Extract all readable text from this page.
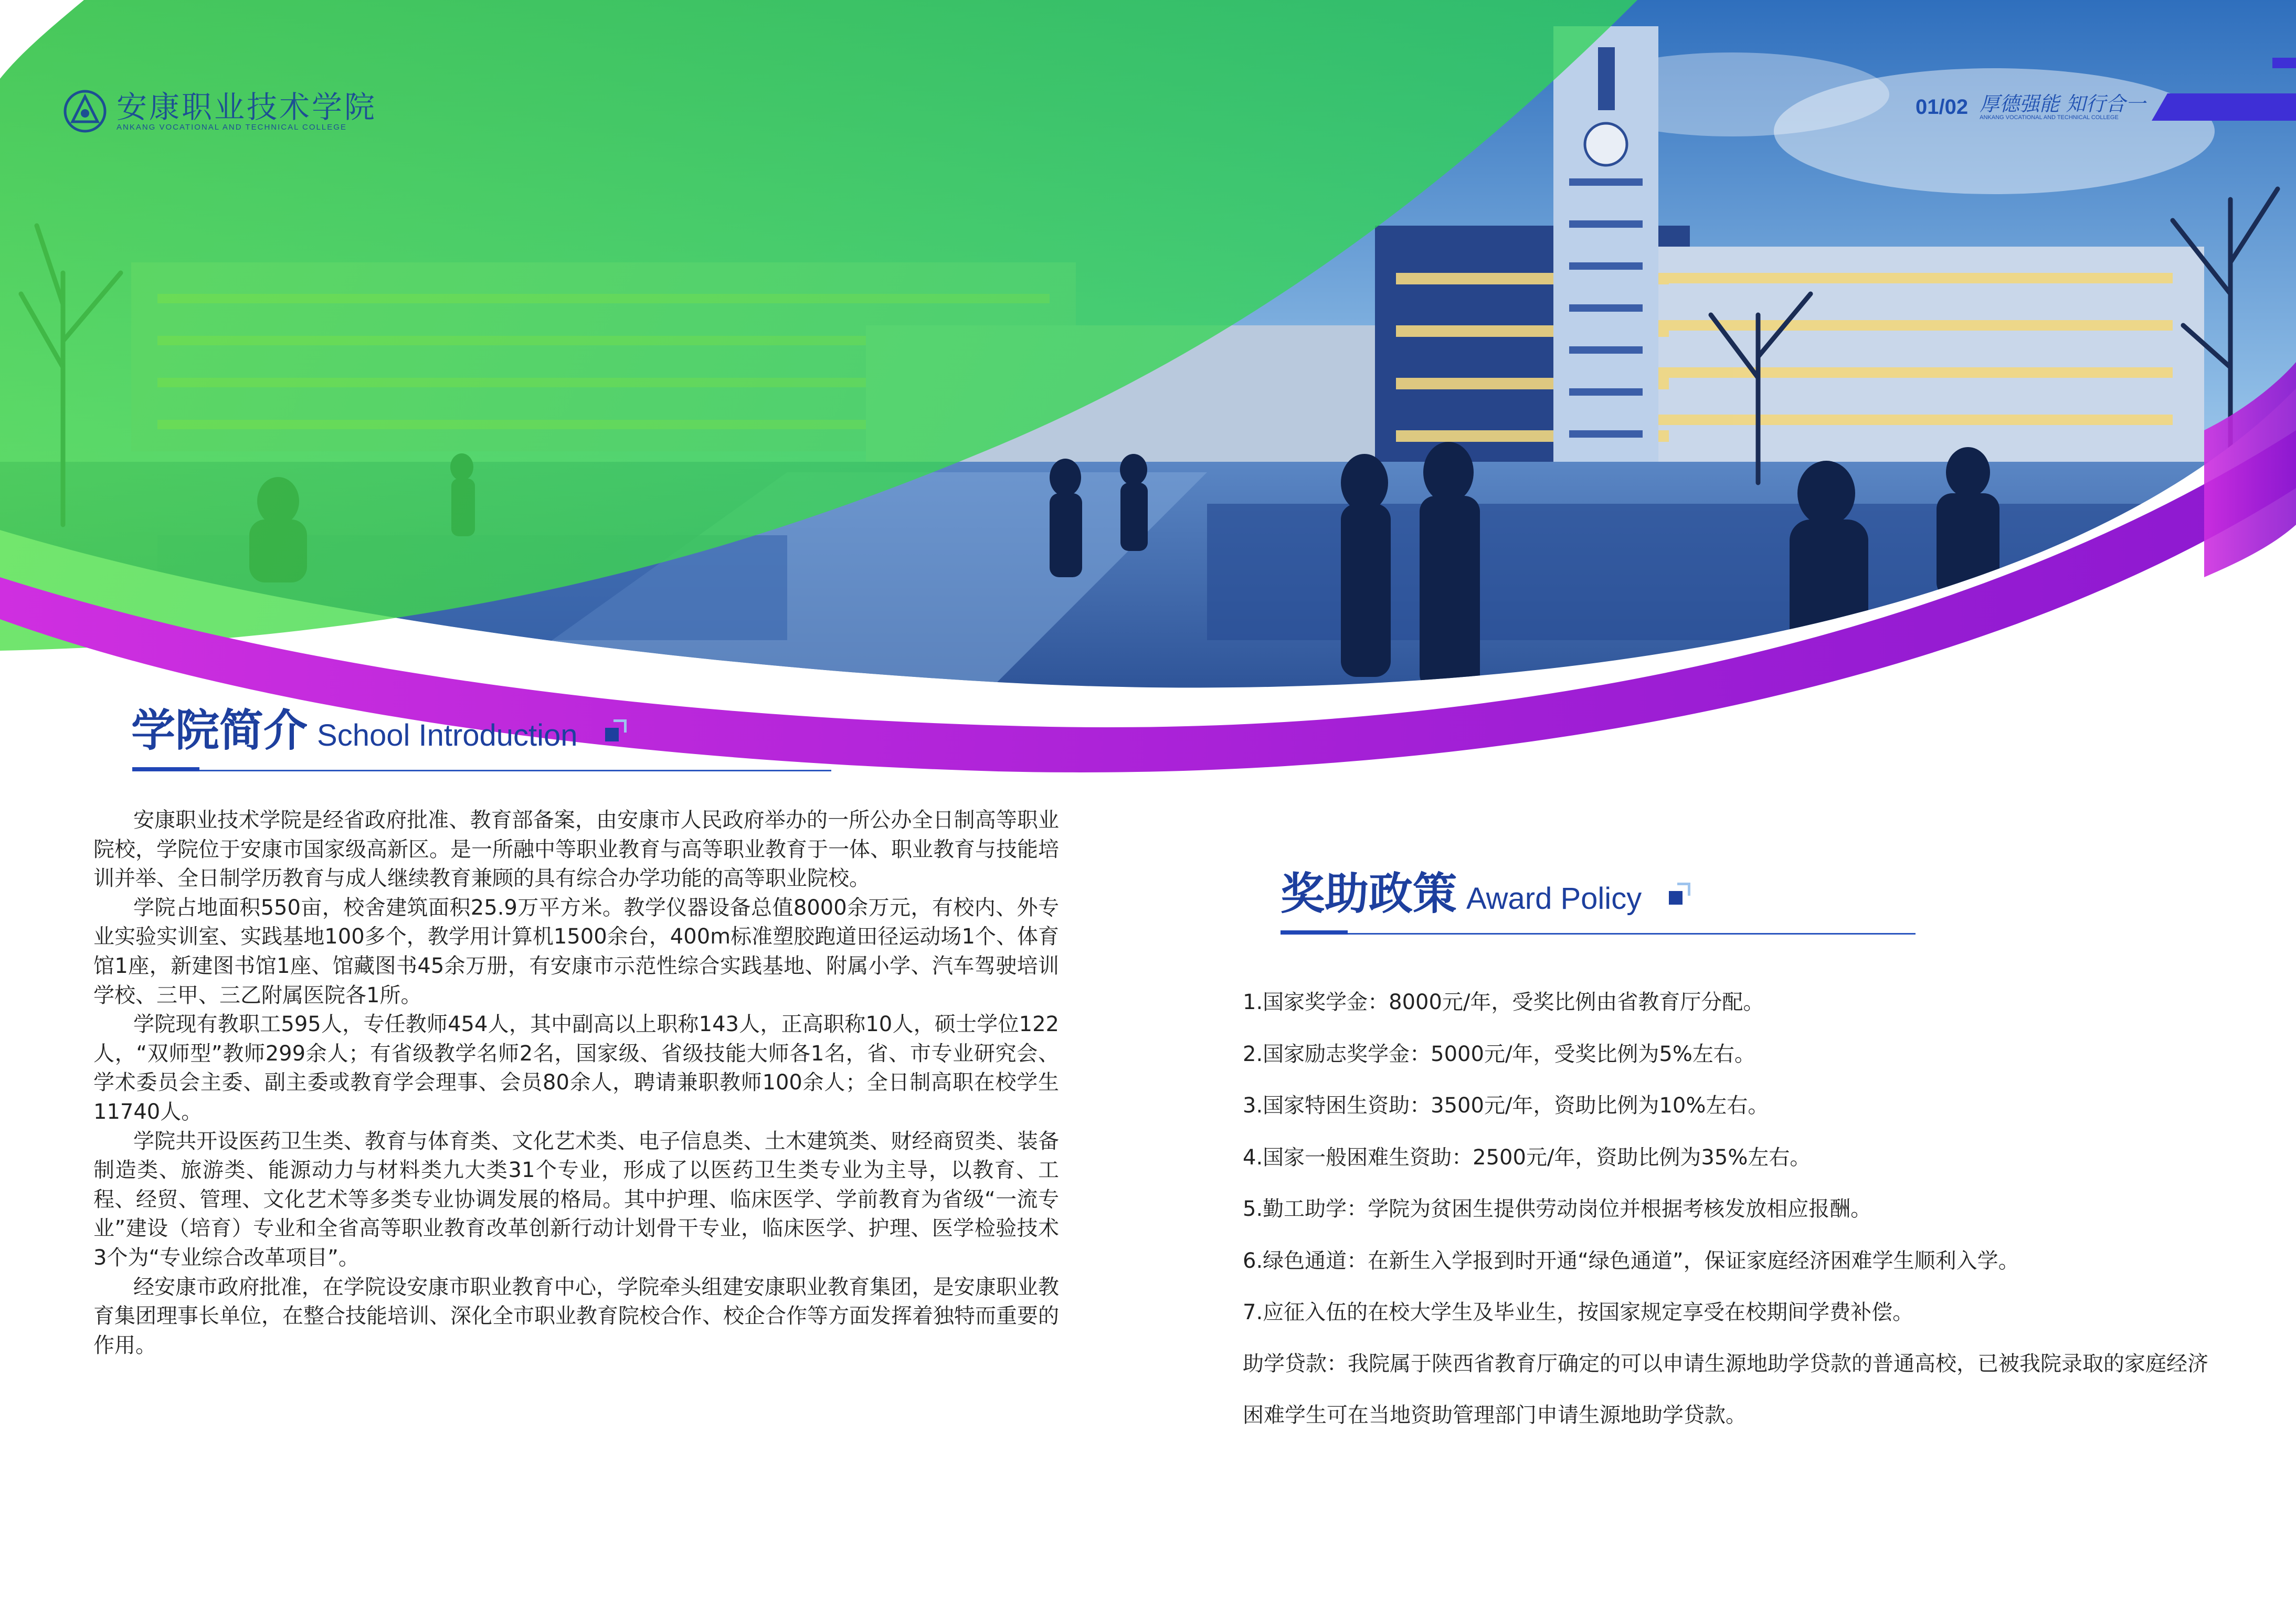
安康职业技术学院
ANKANG VOCATIONAL AND TECHNICAL COLLEGE
01/02 厚德强能 知行合一
ANKANG VOCATIONAL AND TECHNICAL COLLEGE
学院简介 School Introduction

安康职业技术学院是经省政府批准、教育部备案，由安康市人民政府举办的一所公办全日制高等职业院校，学院位于安康市国家级高新区。是一所融中等职业教育与高等职业教育于一体、职业教育与技能培训并举、全日制学历教育与成人继续教育兼顾的具有综合办学功能的高等职业院校。

学院占地面积550亩，校舍建筑面积25.9万平方米。教学仪器设备总值8000余万元，有校内、外专业实验实训室、实践基地100多个，教学用计算机1500余台，400m标准塑胶跑道田径运动场1个、体育馆1座，新建图书馆1座、馆藏图书45余万册，有安康市示范性综合实践基地、附属小学、汽车驾驶培训学校、三甲、三乙附属医院各1所。

学院现有教职工595人，专任教师454人，其中副高以上职称143人，正高职称10人，硕士学位122人，“双师型”教师299余人；有省级教学名师2名，国家级、省级技能大师各1名，省、市专业研究会、学术委员会主委、副主委或教育学会理事、会员80余人，聘请兼职教师100余人；全日制高职在校学生11740人。

学院共开设医药卫生类、教育与体育类、文化艺术类、电子信息类、土木建筑类、财经商贸类、装备制造类、旅游类、能源动力与材料类九大类31个专业，形成了以医药卫生类专业为主导，以教育、工程、经贸、管理、文化艺术等多类专业协调发展的格局。其中护理、临床医学、学前教育为省级“一流专业”建设（培育）专业和全省高等职业教育改革创新行动计划骨干专业，临床医学、护理、医学检验技术3个为“专业综合改革项目”。

经安康市政府批准，在学院设安康市职业教育中心，学院牵头组建安康职业教育集团，是安康职业教育集团理事长单位，在整合技能培训、深化全市职业教育院校合作、校企合作等方面发挥着独特而重要的作用。

奖助政策 Award Policy
1.国家奖学金：8000元/年，受奖比例由省教育厅分配。
2.国家励志奖学金：5000元/年，受奖比例为5%左右。
3.国家特困生资助：3500元/年，资助比例为10%左右。
4.国家一般困难生资助：2500元/年，资助比例为35%左右。
5.勤工助学：学院为贫困生提供劳动岗位并根据考核发放相应报酬。
6.绿色通道：在新生入学报到时开通“绿色通道”，保证家庭经济困难学生顺利入学。
7.应征入伍的在校大学生及毕业生，按国家规定享受在校期间学费补偿。
助学贷款：我院属于陕西省教育厅确定的可以申请生源地助学贷款的普通高校，已被我院录取的家庭经济困难学生可在当地资助管理部门申请生源地助学贷款。
